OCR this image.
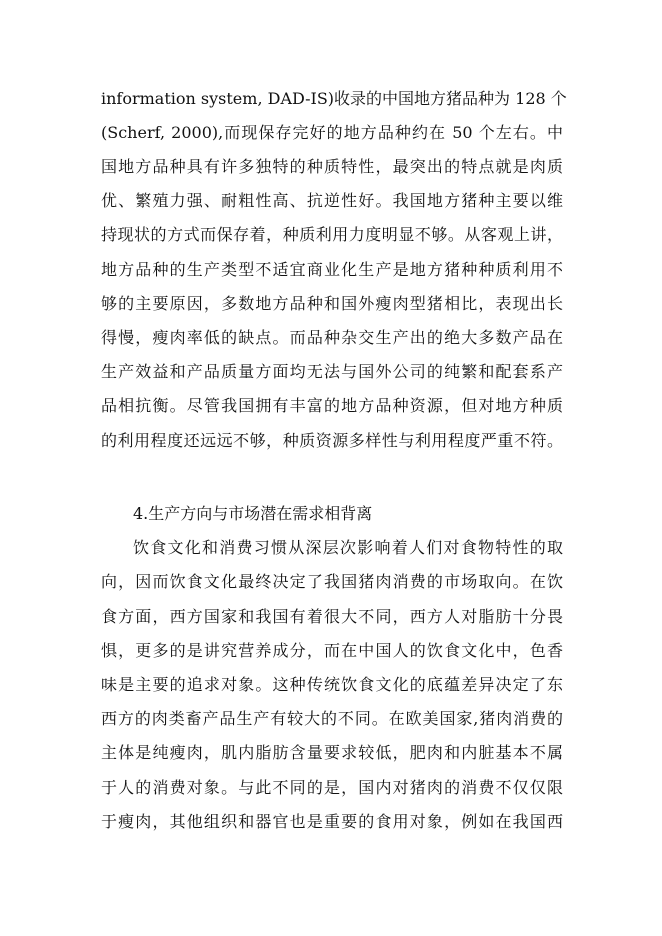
information system, DAD-IS)收录的中国地方猪品种为 128 个
(Scherf, 2000),而现保存完好的地方品种约在 50 个左右。中
国地方品种具有许多独特的种质特性，最突出的特点就是肉质
优、繁殖力强、耐粗性高、抗逆性好。我国地方猪种主要以维
持现状的方式而保存着，种质利用力度明显不够。从客观上讲，
地方品种的生产类型不适宜商业化生产是地方猪种种质利用不
够的主要原因，多数地方品种和国外瘦肉型猪相比，表现出长
得慢，瘦肉率低的缺点。而品种杂交生产出的绝大多数产品在
生产效益和产品质量方面均无法与国外公司的纯繁和配套系产
品相抗衡。尽管我国拥有丰富的地方品种资源，但对地方种质
的利用程度还远远不够，种质资源多样性与利用程度严重不符。
4.生产方向与市场潜在需求相背离
饮食文化和消费习惯从深层次影响着人们对食物特性的取
向，因而饮食文化最终决定了我国猪肉消费的市场取向。在饮
食方面，西方国家和我国有着很大不同，西方人对脂肪十分畏
惧，更多的是讲究营养成分，而在中国人的饮食文化中，色香
味是主要的追求对象。这种传统饮食文化的底蕴差异决定了东
西方的肉类畜产品生产有较大的不同。在欧美国家,猪肉消费的
主体是纯瘦肉，肌内脂肪含量要求较低，肥肉和内脏基本不属
于人的消费对象。与此不同的是，国内对猪肉的消费不仅仅限
于瘦肉，其他组织和器官也是重要的食用对象，例如在我国西
